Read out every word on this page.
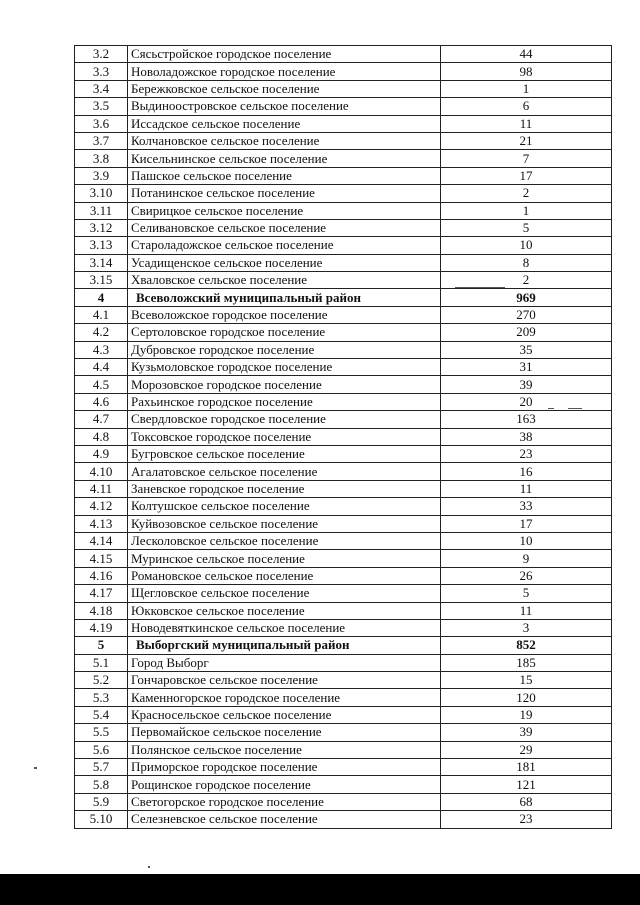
3.2	Сясьстройское городское поселение	44
3.3	Новоладожское городское поселение	98
3.4	Бережковское сельское поселение	1
3.5	Выдиноостровское сельское поселение	6
3.6	Иссадское сельское поселение	11
3.7	Колчановское сельское поселение	21
3.8	Кисельнинское сельское поселение	7
3.9	Пашское сельское поселение	17
3.10	Потанинское сельское поселение	2
3.11	Свирицкое сельское поселение	1
3.12	Селивановское сельское поселение	5
3.13	Староладожское сельское поселение	10
3.14	Усадищенское сельское поселение	8
3.15	Хваловское сельское поселение	2
4	Всеволожский муниципальный район	969
4.1	Всеволожское городское поселение	270
4.2	Сертоловское городское поселение	209
4.3	Дубровское городское поселение	35
4.4	Кузьмоловское городское поселение	31
4.5	Морозовское городское поселение	39
4.6	Рахьинское городское поселение	20
4.7	Свердловское городское поселение	163
4.8	Токсовское городское поселение	38
4.9	Бугровское сельское поселение	23
4.10	Агалатовское сельское поселение	16
4.11	Заневское городское поселение	11
4.12	Колтушское сельское поселение	33
4.13	Куйвозовское сельское поселение	17
4.14	Лесколовское сельское поселение	10
4.15	Муринское сельское поселение	9
4.16	Романовское сельское поселение	26
4.17	Щегловское сельское поселение	5
4.18	Юкковское сельское поселение	11
4.19	Новодевяткинское сельское поселение	3
5	Выборгский муниципальный район	852
5.1	Город Выборг	185
5.2	Гончаровское сельское поселение	15
5.3	Каменногорское городское поселение	120
5.4	Красносельское сельское поселение	19
5.5	Первомайское сельское поселение	39
5.6	Полянское сельское поселение	29
5.7	Приморское городское поселение	181
5.8	Рощинское городское поселение	121
5.9	Светогорское городское поселение	68
5.10	Селезневское сельское поселение	23
